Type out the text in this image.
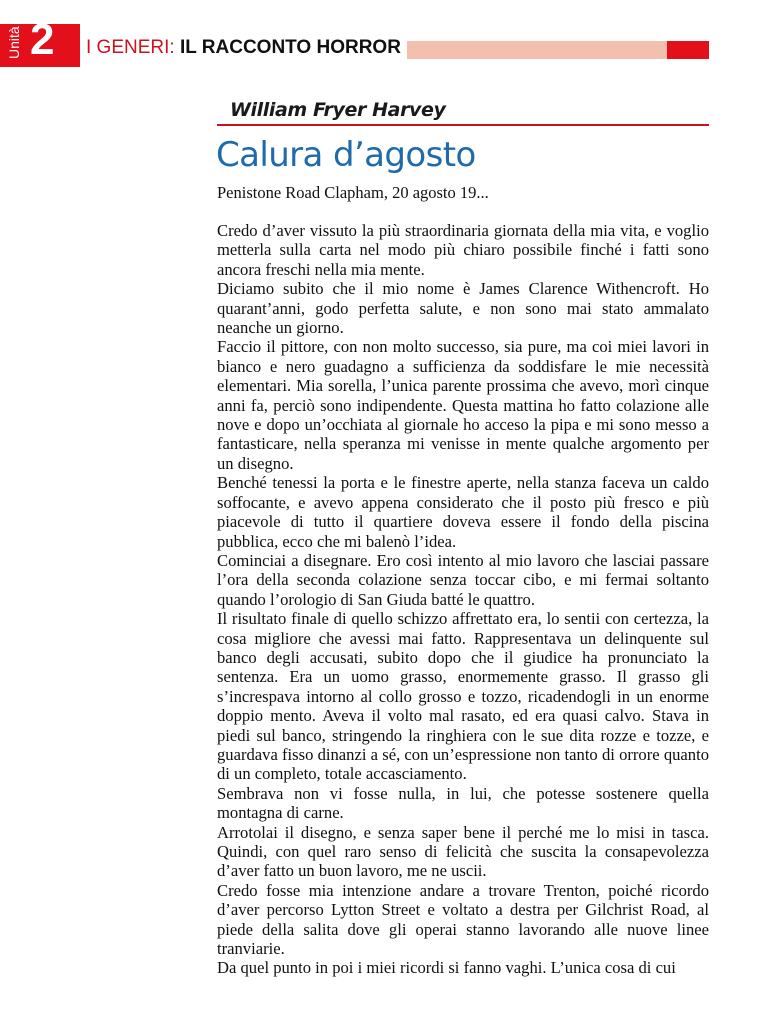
Unità 2 I GENERI: IL RACCONTO HORROR
William Fryer Harvey
Calura d’agosto
Penistone Road Clapham, 20 agosto 19...

Credo d’aver vissuto la più straordinaria giornata della mia vita, e voglio metterla sulla carta nel modo più chiaro possibile finché i fatti sono ancora freschi nella mia mente.

Diciamo subito che il mio nome è James Clarence Withencroft. Ho quarant’anni, godo perfetta salute, e non sono mai stato ammalato neanche un giorno.

Faccio il pittore, con non molto successo, sia pure, ma coi miei lavori in bianco e nero guadagno a sufficienza da soddisfare le mie necessità elementari. Mia sorella, l’unica parente prossima che avevo, morì cinque anni fa, perciò sono indipendente. Questa mattina ho fatto colazione alle nove e dopo un’occhiata al giornale ho acceso la pipa e mi sono messo a fantasticare, nella speranza mi venisse in mente qualche argomento per un disegno.

Benché tenessi la porta e le finestre aperte, nella stanza faceva un caldo soffocante, e avevo appena considerato che il posto più fresco e più piacevole di tutto il quartiere doveva essere il fondo della piscina pubblica, ecco che mi balenò l’idea.

Cominciai a disegnare. Ero così intento al mio lavoro che lasciai passare l’ora della seconda colazione senza toccar cibo, e mi fermai soltanto quando l’orologio di San Giuda batté le quattro.

Il risultato finale di quello schizzo affrettato era, lo sentii con certezza, la cosa migliore che avessi mai fatto. Rappresentava un delinquente sul banco degli accusati, subito dopo che il giudice ha pronunciato la sentenza. Era un uomo grasso, enormemente grasso. Il grasso gli s’increspava intorno al collo grosso e tozzo, ricadendogli in un enorme doppio mento. Aveva il volto mal rasato, ed era quasi calvo. Stava in piedi sul banco, stringendo la ringhiera con le sue dita rozze e tozze, e guardava fisso dinanzi a sé, con un’espressione non tanto di orrore quanto di un completo, totale accasciamento.

Sembrava non vi fosse nulla, in lui, che potesse sostenere quella montagna di carne.

Arrotolai il disegno, e senza saper bene il perché me lo misi in tasca. Quindi, con quel raro senso di felicità che suscita la consapevolezza d’aver fatto un buon lavoro, me ne uscii.

Credo fosse mia intenzione andare a trovare Trenton, poiché ricordo d’aver percorso Lytton Street e voltato a destra per Gilchrist Road, al piede della salita dove gli operai stanno lavorando alle nuove linee tranviarie.

Da quel punto in poi i miei ricordi si fanno vaghi. L’unica cosa di cui
